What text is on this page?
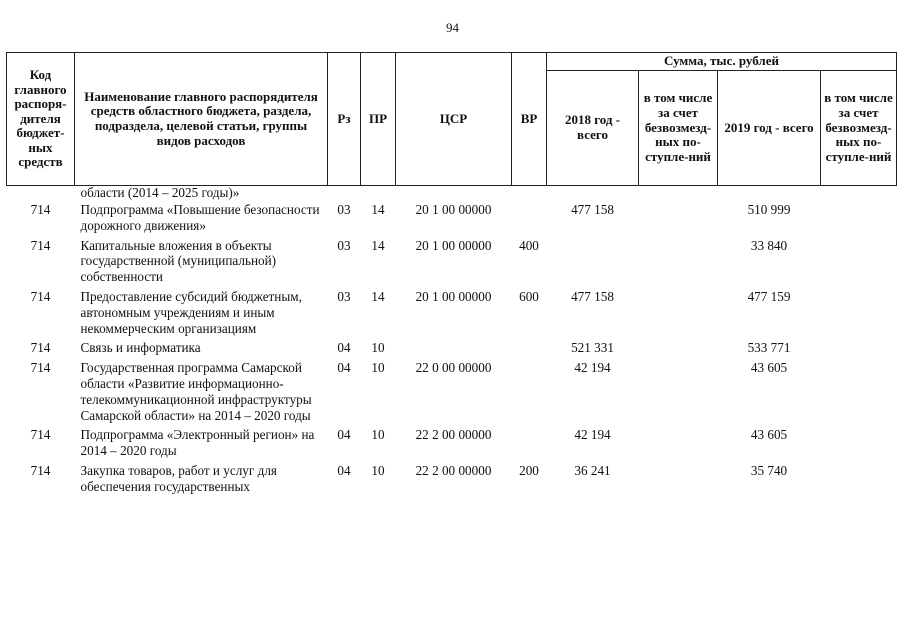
94
Код главного распоря-дителя бюджет-ных средств	Наименование главного распорядителя средств областного бюджета, раздела, подраздела, целевой статьи, группы видов расходов	Рз	ПР	ЦСР	ВР	Сумма, тыс. рублей			
						2018 год - всего	в том числе за счет безвозмезд-ных по-ступле-ний	2019 год - всего	в том числе за счет безвозмезд-ных по-ступле-ний
	области (2014 – 2025 годы)»								
714	Подпрограмма «Повышение безопасности дорожного движения»	03	14	20 1 00 00000		477 158		510 999	
714	Капитальные вложения в объекты государственной (муниципальной) собственности	03	14	20 1 00 00000	400			33 840	
714	Предоставление субсидий бюджетным, автономным учреждениям и иным некоммерческим организациям	03	14	20 1 00 00000	600	477 158		477 159	
714	Связь и информатика	04	10			521 331		533 771	
714	Государственная программа Самарской области «Развитие информационно-телекоммуникационной инфраструктуры Самарской области» на 2014 – 2020 годы	04	10	22 0 00 00000		42 194		43 605	
714	Подпрограмма «Электронный регион» на 2014 – 2020 годы	04	10	22 2 00 00000		42 194		43 605	
714	Закупка товаров, работ и услуг для обеспечения государственных	04	10	22 2 00 00000	200	36 241		35 740	
